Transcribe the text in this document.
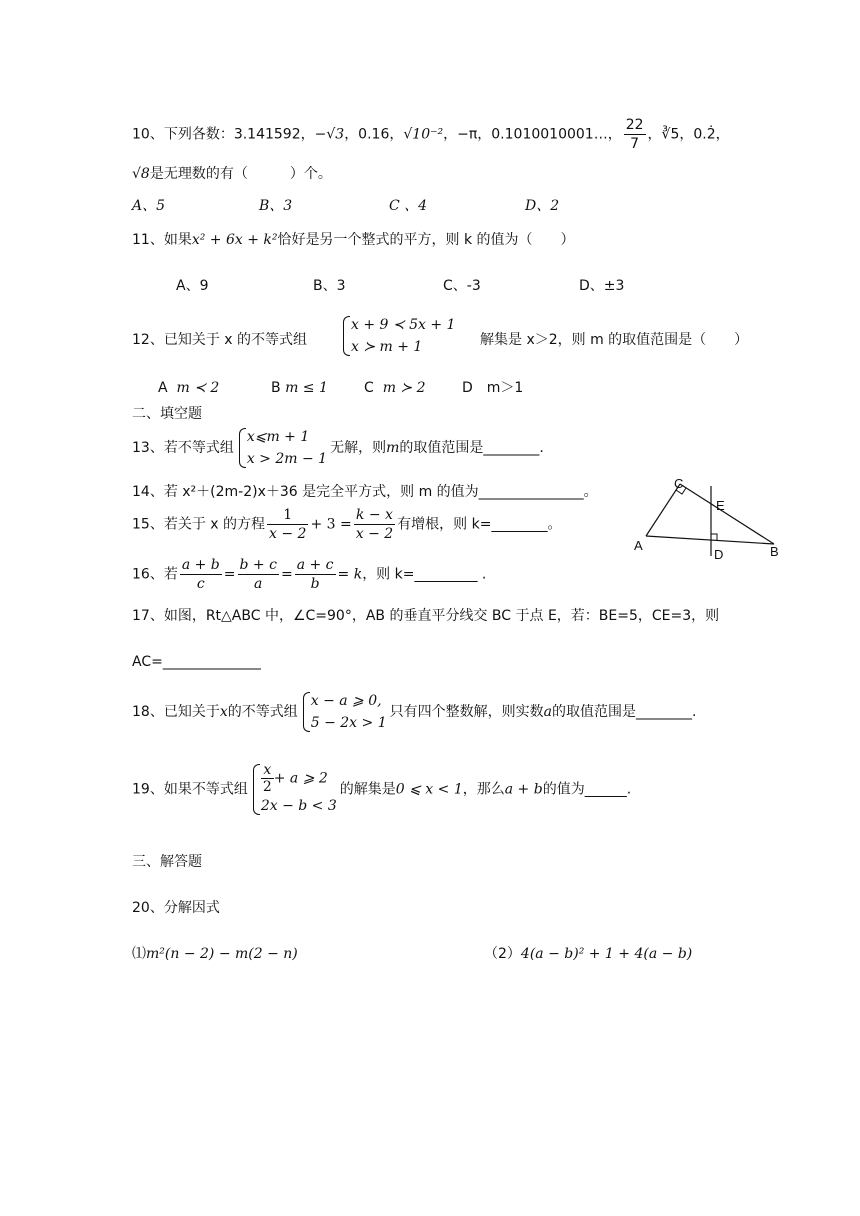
10、下列各数：3.141592，−√3，0.16，√10⁻²，−π，0.1010010001…， $\frac{22}{7}$ ，∛5，0.2̇，
√8是无理数的有（　　　）个。
A、5	B、3	C 、4	D、2
11、如果x² + 6x + k²恰好是另一个整式的平方，则 k 的值为（　　）
A、9	B、3	C、-3	D、±3
12、已知关于 x 的不等式组
x + 9 ≺ 5x + 1
x ≻ m + 1	解集是 x＞2，则 m 的取值范围是（　　）
A m ≺ 2	B m ≤ 1	C m ≻ 2	D　m＞1
二、填空题
13、若不等式组
x⩽m + 1
x > 2m − 1
无解，则m的取值范围是________.
14、若 x²＋(2m-2)x＋36 是完全平方式，则 m 的值为_______________。
15、若关于 x 的方程 $\frac{1}{x - 2} + 3 = \frac{k - x}{x - 2}$ 有增根，则 k=________。
16、若 $\frac{a + b}{c} = \frac{b + c}{a} = \frac{a + c}{b} = k$，则 k=_________ .
17、如图，Rt△ABC 中，∠C=90°，AB 的垂直平分线交 BC 于点 E，若：BE=5，CE=3，则
AC=______________
18、已知关于x的不等式组
x − a ⩾ 0,
5 − 2x > 1
只有四个整数解，则实数a的取值范围是________.
19、如果不等式组 $\frac{x}{2} + a$ ⩾ 2
2x − b < 3
的解集是0 ⩽ x < 1，那么a + b的值为______.
三、解答题
20、分解因式
⑴m²(n − 2) − m(2 − n)	（2）4(a − b)² + 1 + 4(a − b)
A	B
C
D
E
